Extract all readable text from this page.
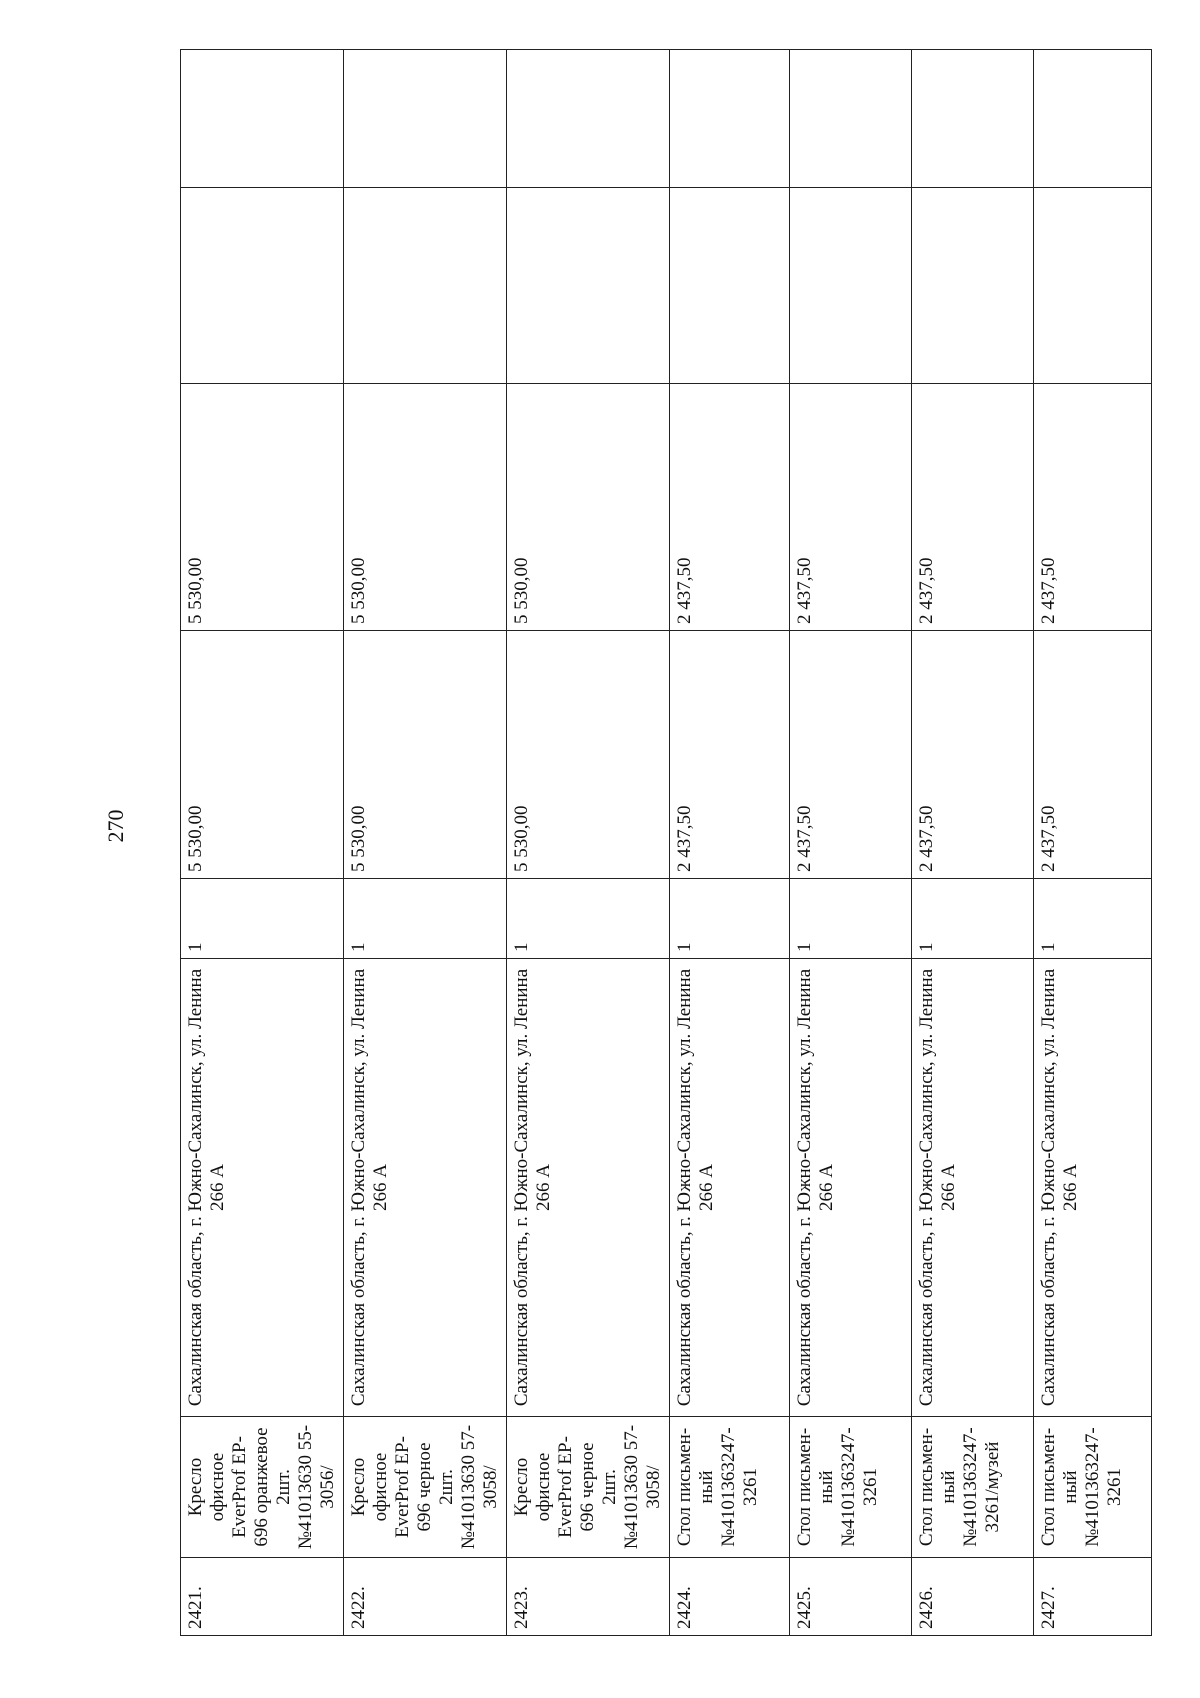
270
2421.	Кресло офисное EverProf EP-696 оранжевое 2шт.№41013630 55-3056/	Сахалинская область, г. Южно-Сахалинск, ул. Ленина 266 А	1	5 530,00	5 530,00		
2422.	Кресло офисное EverProf EP-696 черное 2шт.№41013630 57-3058/	Сахалинская область, г. Южно-Сахалинск, ул. Ленина 266 А	1	5 530,00	5 530,00		
2423.	Кресло офисное EverProf EP-696 черное 2шт.№41013630 57-3058/	Сахалинская область, г. Южно-Сахалинск, ул. Ленина 266 А	1	5 530,00	5 530,00		
2424.	Стол письмен-ный №4101363247-3261	Сахалинская область, г. Южно-Сахалинск, ул. Ленина 266 А	1	2 437,50	2 437,50		
2425.	Стол письмен-ный №4101363247-3261	Сахалинская область, г. Южно-Сахалинск, ул. Ленина 266 А	1	2 437,50	2 437,50		
2426.	Стол письмен-ный №4101363247-3261/музей	Сахалинская область, г. Южно-Сахалинск, ул. Ленина 266 А	1	2 437,50	2 437,50		
2427.	Стол письмен-ный №4101363247-3261	Сахалинская область, г. Южно-Сахалинск, ул. Ленина 266 А	1	2 437,50	2 437,50		
